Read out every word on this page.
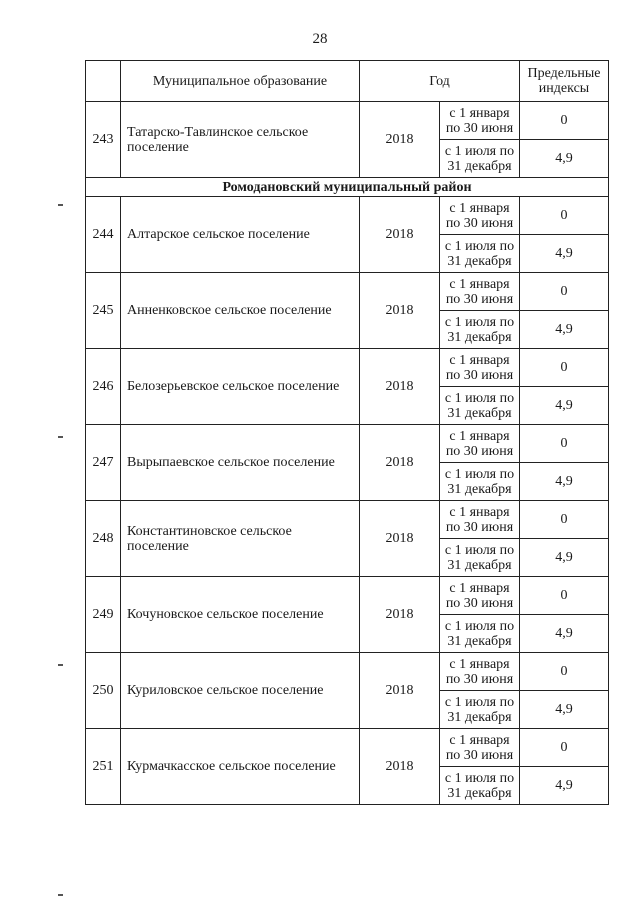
28
	Муниципальное образование	Год		Предельные индексы
243	Татарско-Тавлинское сельское поселение	2018	с 1 января по 30 июня	0
			с 1 июля по 31 декабря	4,9
Ромодановский муниципальный район				
244	Алтарское сельское поселение	2018	с 1 января по 30 июня	0
			с 1 июля по 31 декабря	4,9
245	Анненковское сельское поселение	2018	с 1 января по 30 июня	0
			с 1 июля по 31 декабря	4,9
246	Белозерьевское сельское поселение	2018	с 1 января по 30 июня	0
			с 1 июля по 31 декабря	4,9
247	Вырыпаевское сельское поселение	2018	с 1 января по 30 июня	0
			с 1 июля по 31 декабря	4,9
248	Константиновское сельское поселение	2018	с 1 января по 30 июня	0
			с 1 июля по 31 декабря	4,9
249	Кочуновское сельское поселение	2018	с 1 января по 30 июня	0
			с 1 июля по 31 декабря	4,9
250	Куриловское сельское поселение	2018	с 1 января по 30 июня	0
			с 1 июля по 31 декабря	4,9
251	Курмачкасское сельское поселение	2018	с 1 января по 30 июня	0
			с 1 июля по 31 декабря	4,9
